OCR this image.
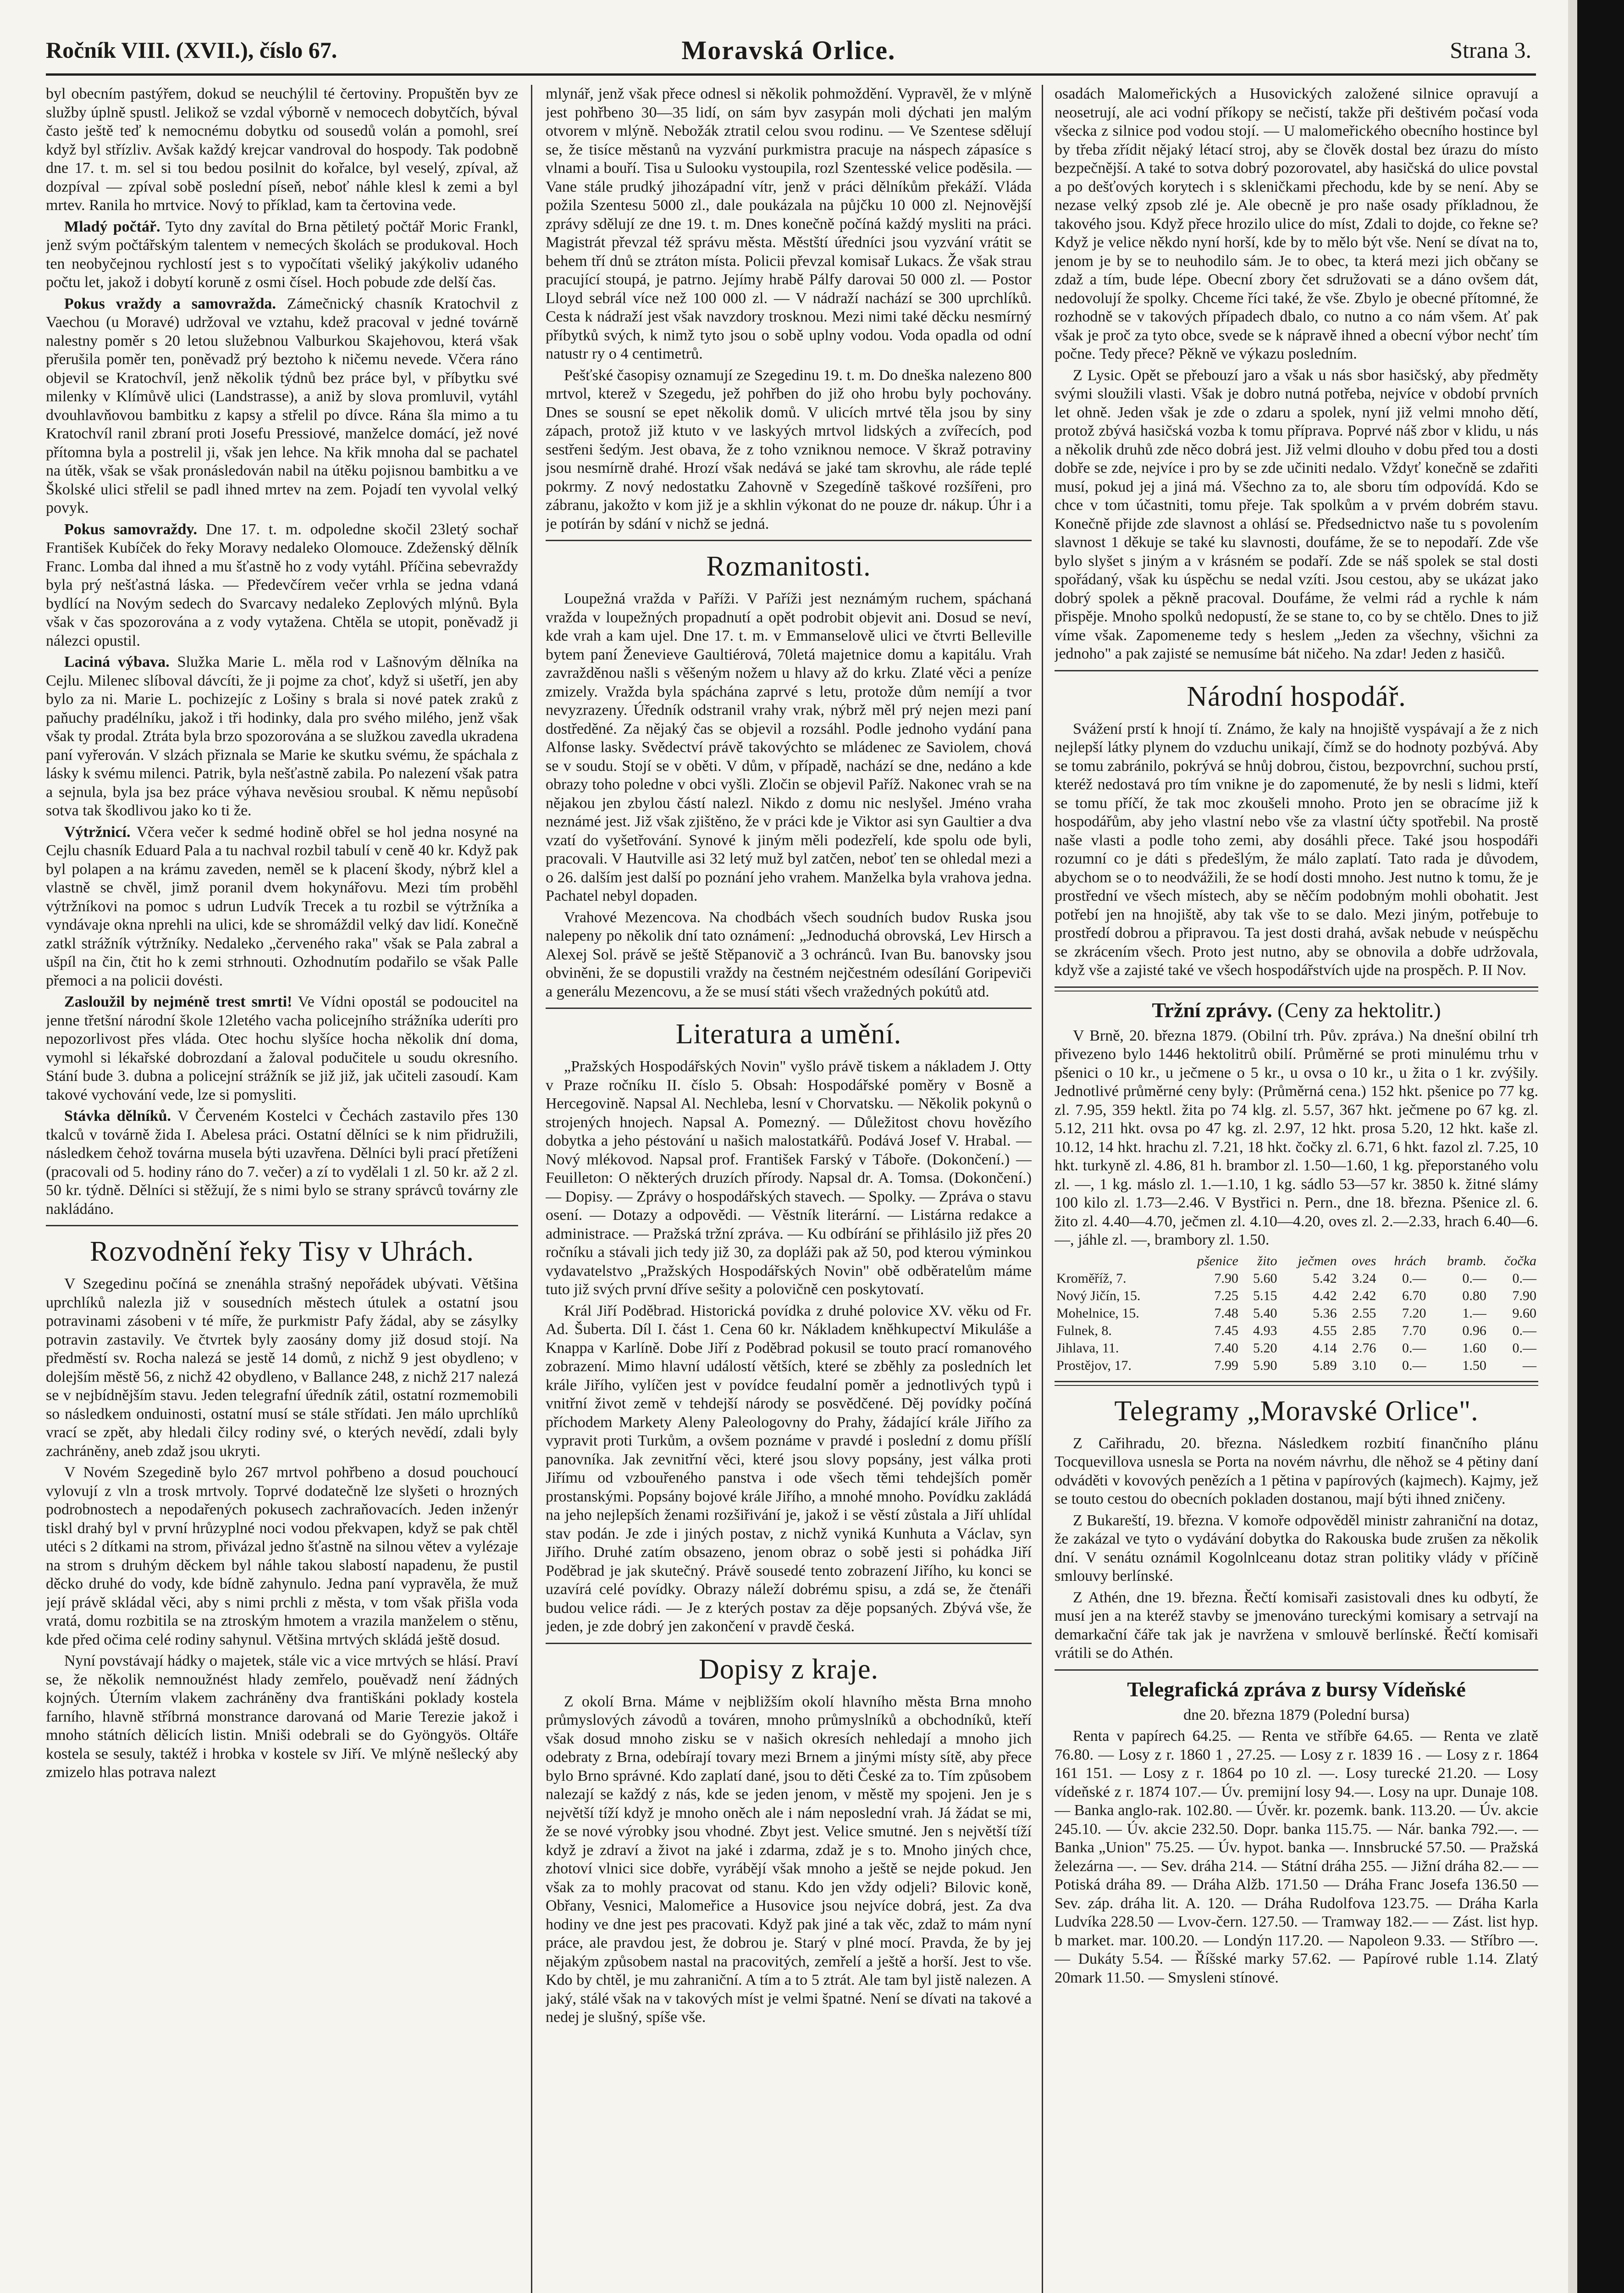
Ročník VIII. (XVII.), číslo 67.	Moravská Orlice.	Strana 3.

byl obecním pastýřem, dokud se neuchýlil té čertoviny. Propuštěn byv ze služby úplně spustl. Jelikož se vzdal výborně v nemocech dobytčích, býval často ještě teď k nemocnému dobytku od sousedů volán a pomohl, sreí když byl střízliv. Avšak každý krejcar vandroval do hospody. Tak podobně dne 17. t. m. sel si tou bedou posilnit do kořalce, byl veselý, zpíval, až dozpíval — zpíval sobě poslední píseň, neboť náhle klesl k zemi a byl mrtev. Ranila ho mrtvice. Nový to příklad, kam ta čertovina vede.

Mladý počtář. Tyto dny zavítal do Brna pětiletý počtář Moric Frankl, jenž svým počtářským talentem v nemecých školách se produkoval. Hoch ten neobyčejnou rychlostí jest s to vypočítati všeliký jakýkoliv udaného počtu let, jakož i dobytí koruně z osmi čísel. Hoch pobude zde delší čas.

Pokus vraždy a samovražda. Zámečnický chasník Kratochvil z Vaechou (u Moravé) udržoval ve vztahu, kdež pracoval v jedné továrně nalestny poměr s 20 letou služebnou Valburkou Skajehovou, která však přerušila poměr ten, poněvadž prý beztoho k ničemu nevede. Včera ráno objevil se Kratochvíl, jenž několik týdnů bez práce byl, v příbytku své milenky v Klímůvě ulici (Landstrasse), a aniž by slova promluvil, vytáhl dvouhlavňovou bambitku z kapsy a střelil po dívce. Rána šla mimo a tu Kratochvíl ranil zbraní proti Josefu Pressiové, manželce domácí, jež nové přítomna byla a postrelil ji, však jen lehce. Na křik mnoha dal se pachatel na útěk, však se však pronásledován nabil na útěku pojisnou bambitku a ve Školské ulici střelil se padl ihned mrtev na zem. Pojadí ten vyvolal velký povyk.

Pokus samovraždy. Dne 17. t. m. odpoledne skočil 23letý sochař František Kubíček do řeky Moravy nedaleko Olomouce. Zdeženský dělník Franc. Lomba dal ihned a mu šťastně ho z vody vytáhl. Příčina sebevraždy byla prý nešťastná láska. — Předevčírem večer vrhla se jedna vdaná bydlící na Novým sedech do Svarcavy nedaleko Zeplových mlýnů. Byla však v čas spozorována a z vody vytažena. Chtěla se utopit, poněvadž ji nálezci opustil.

Laciná výbava. Služka Marie L. měla rod v Lašnovým dělníka na Cejlu. Milenec slíboval dávcíti, že ji pojme za choť, když si ušetří, jen aby bylo za ni. Marie L. pochizejíc z Lošiny s brala si nové patek zraků z paňuchy pradélníku, jakož i tři hodinky, dala pro svého milého, jenž však však ty prodal. Ztráta byla brzo spozorována a se služkou zavedla ukradena paní vyřerován. V slzách přiznala se Marie ke skutku svému, že spáchala z lásky k svému milenci. Patrik, byla nešťastně zabila. Po nalezení však patra a sejnula, byla jsa bez práce výhava nevěsiou sroubal. K němu nepůsobí sotva tak škodlivou jako ko ti že.

Výtržnicí. Včera večer k sedmé hodině obřel se hol jedna nosyné na Cejlu chasník Eduard Pala a tu nachval rozbil tabulí v ceně 40 kr. Když pak byl polapen a na krámu zaveden, neměl se k placení škody, nýbrž klel a vlastně se chvěl, jimž poranil dvem hokynářovu. Mezi tím proběhl výtržníkovi na pomoc s udrun Ludvík Trecek a tu rozbil se výtržníka a vyndávaje okna nprehli na ulici, kde se shromáždil velký dav lidí. Konečně zatkl strážník výtržníky. Nedaleko „červeného raka" však se Pala zabral a ušpíl na čin, čtit ho k zemi strhnouti. Ozhodnutím podařilo se však Palle přemoci a na policii dovésti.

Zasloužil by nejméně trest smrti! Ve Vídni opostál se podoucitel na jenne třetšní národní škole 12letého vacha policejního strážníka uderíti pro nepozorlivost přes vláda. Otec hochu slyšíce hocha několik dní doma, vymohl si lékařské dobrozdaní a žaloval podučitele u soudu okresního. Stání bude 3. dubna a policejní strážník se již již, jak učiteli zasoudí. Kam takové vychování vede, lze si pomysliti.

Stávka dělníků. V Červeném Kostelci v Čechách zastavilo přes 130 tkalců v továrně žida I. Abelesa práci. Ostatní dělníci se k nim přidružili, následkem čehož továrna musela býti uzavřena. Dělníci byli prací přetíženi (pracovali od 5. hodiny ráno do 7. večer) a zí to vydělali 1 zl. 50 kr. až 2 zl. 50 kr. týdně. Dělníci si stěžují, že s nimi bylo se strany správců továrny zle nakládáno.

Rozvodnění řeky Tisy v Uhrách.

V Szegedinu počíná se znenáhla strašný nepořádek ubývati. Většina uprchlíků nalezla již v sousedních městech útulek a ostatní jsou potravinami zásobeni v té míře, že purkmistr Pafy žádal, aby se zásylky potravin zastavily. Ve čtvrtek byly zaosány domy již dosud stojí. Na předměstí sv. Rocha nalezá se jestě 14 domů, z nichž 9 jest obydleno; v dolejším městě 56, z nichž 42 obydleno, v Ballance 248, z nichž 217 nalezá se v nejbídnějším stavu. Jeden telegrafní úředník zátil, ostatní rozmemobili so následkem onduinosti, ostatní musí se stále střídati. Jen málo uprchlíků vrací se zpět, aby hledali čilcy rodiny své, o kterých nevědí, zdali byly zachráněny, aneb zdaž jsou ukryti.

V Novém Szegedině bylo 267 mrtvol pohřbeno a dosud pouchoucí vylovují z vln a trosk mrtvoly. Toprvé dodatečně lze slyšeti o hrozných podrobnostech a nepodařených pokusech zachraňovacích. Jeden inženýr tiskl drahý byl v první hrůzyplné noci vodou překvapen, když se pak chtěl utéci s 2 dítkami na strom, přivázal jedno šťastně na silnou větev a vylézaje na strom s druhým děckem byl náhle takou slabostí napadenu, že pustil děcko druhé do vody, kde bídně zahynulo. Jedna paní vypravěla, že muž její právě skládal věci, aby s nimi prchli z města, v tom však přišla voda vratá, domu rozbitila se na ztroským hmotem a vrazila manželem o stěnu, kde před očima celé rodiny sahynul. Většina mrtvých skládá ještě dosud.

Nyní povstávají hádky o majetek, stále vic a vice mrtvých se hlásí. Praví se, že několik nemnoužnést hlady zemřelo, pouěvadž není žádných kojných. Úterním vlakem zachráněny dva františkáni poklady kostela farního, hlavně stříbrná monstrance darovaná od Marie Terezie jakož i mnoho státních dělicích listin. Mniši odebrali se do Gyöngyös. Oltáře kostela se sesuly, taktéž i hrobka v kostele sv Jiří. Ve mlýně nešlecký aby zmizelo hlas potrava nalezt

mlynář, jenž však přece odnesl si několik pohmoždění. Vypravěl, že v mlýně jest pohřbeno 30—35 lidí, on sám byv zasypán moli dýchati jen malým otvorem v mlýně. Nebožák ztratil celou svou rodinu. — Ve Szentese sdělují se, že tisíce městanů na vyzvání purkmistra pracuje na náspech zápasíce s vlnami a bouří. Tisa u Sulooku vystoupila, rozl Szentesské velice poděsila. — Vane stále prudký jihozápadní vítr, jenž v práci dělníkům překáží. Vláda požila Szentesu 5000 zl., dale poukázala na půjčku 10 000 zl. Nejnovější zprávy sdělují ze dne 19. t. m. Dnes konečně počíná každý mysliti na práci. Magistrát převzal též správu města. Městští úředníci jsou vyzvání vrátit se behem tří dnů se ztráton místa. Policii převzal komisař Lukacs. Že však strau pracující stoupá, je patrno. Jejímy hrabě Pálfy darovai 50 000 zl. — Postor Lloyd sebrál více než 100 000 zl. — V nádraží nachází se 300 uprchlíků. Cesta k nádraží jest však navzdory trosknou. Mezi nimi také děcku nesmírný příbytků svých, k nimž tyto jsou o sobě uplny vodou. Voda opadla od odní natustr ry o 4 centimetrů.

Pešťské časopisy oznamují ze Szegedinu 19. t. m. Do dneška nalezeno 800 mrtvol, kterež v Szegedu, jež pohřben do již oho hrobu byly pochovány. Dnes se sousní se epet několik domů. V ulicích mrtvé těla jsou by siny zápach, protož již ktuto v ve laskyých mrtvol lidských a zvířecích, pod sestřeni šedým. Jest obava, že z toho vzniknou nemoce. V škraž potraviny jsou nesmírně drahé. Hrozí však nedává se jaké tam skrovhu, ale ráde teplé pokrmy. Z nový nedostatku Zahovně v Szegedíně taškové rozšířeni, pro zábranu, jakožto v kom již je a skhlin výkonat do ne pouze dr. nákup. Úhr i a je potírán by sdání v nichž se jedná.

Rozmanitosti.

Loupežná vražda v Paříži. V Paříži jest neznámým ruchem, spáchaná vražda v loupežných propadnutí a opět podrobit objevit ani. Dosud se neví, kde vrah a kam ujel. Dne 17. t. m. v Emmanselově ulici ve čtvrti Belleville bytem paní Ženevieve Gaultiérová, 70letá majetnice domu a kapitálu. Vrah zavražděnou našli s věšeným nožem u hlavy až do krku. Zlaté věci a peníze zmizely. Vražda byla spáchána zaprvé s letu, protože dům nemíjí a tvor nevyzrazeny. Úředník odstranil vrahy vrak, nýbrž měl prý nejen mezi paní dostředěné. Za nějaký čas se objevil a rozsáhl. Podle jednoho vydání pana Alfonse lasky. Svědectví právě takovýchto se mládenec ze Saviolem, chová se v soudu. Stojí se v oběti. V dům, v případě, nachází se dne, nedáno a kde obrazy toho poledne v obci vyšli. Zločin se objevil Paříž. Nakonec vrah se na nějakou jen zbylou částí nalezl. Nikdo z domu nic neslyšel. Jméno vraha neznámé jest. Již však zjištěno, že v práci kde je Viktor asi syn Gaultier a dva vzatí do vyšetřování. Synové k jiným měli podezřelí, kde spolu ode byli, pracovali. V Hautville asi 32 letý muž byl zatčen, neboť ten se ohledal mezi a o 26. dalším jest další po poznání jeho vrahem. Manželka byla vrahova jedna. Pachatel nebyl dopaden.

Vrahové Mezencova. Na chodbách všech soudních budov Ruska jsou nalepeny po několik dní tato oznámení: „Jednoduchá obrovská, Lev Hirsch a Alexej Sol. právě se ještě Stěpanovič a 3 ochránců. Ivan Bu. banovsky jsou obviněni, že se dopustili vraždy na čestném nejčestném odesílání Goripeviči a generálu Mezencovu, a že se musí státi všech vražedných pokútů atd.

Literatura a umění.

„Pražských Hospodářských Novin" vyšlo právě tiskem a nákladem J. Otty v Praze ročníku II. číslo 5. Obsah: Hospodářské poměry v Bosně a Hercegovině. Napsal Al. Nechleba, lesní v Chorvatsku. — Několik pokynů o strojených hnojech. Napsal A. Pomezný. — Důležitost chovu hovězího dobytka a jeho péstování u našich malostatkářů. Podává Josef V. Hrabal. — Nový mlékovod. Napsal prof. František Farský v Táboře. (Dokončení.) — Feuilleton: O některých druzích přírody. Napsal dr. A. Tomsa. (Dokončení.) — Dopisy. — Zprávy o hospodářských stavech. — Spolky. — Zpráva o stavu osení. — Dotazy a odpovědi. — Věstník literární. — Listárna redakce a administrace. — Pražská tržní zpráva. — Ku odbírání se přihlásilo již přes 20 ročníku a stávali jich tedy již 30, za dopláži pak až 50, pod kterou výminkou vydavatelstvo „Pražských Hospodářských Novin" obě odběratelům máme tuto již svých první dříve sešity a polovičně cen poskytovatí.

Král Jiří Poděbrad. Historická povídka z druhé polovice XV. věku od Fr. Ad. Šuberta. Díl I. část 1. Cena 60 kr. Nákladem kněhkupectví Mikuláše a Knappa v Karlíně. Dobe Jiří z Poděbrad pokusil se touto prací romanového zobrazení. Mimo hlavní událostí větších, které se zběhly za posledních let krále Jiřího, vylíčen jest v povídce feudalní poměr a jednotlivých typů i vnitřní život země v tehdejší národy se posvědčené. Děj povídky počíná příchodem Markety Aleny Paleologovny do Prahy, žádající krále Jiřího za vypravit proti Turkům, a ovšem poznáme v pravdé i poslední z domu příšlí panovníka. Jak zevnitřní věci, které jsou slovy popsány, jest válka proti Jiřímu od vzbouřeného panstva i ode všech těmi tehdejších poměr prostanskými. Popsány bojové krále Jiřího, a mnohé mnoho. Povídku zakládá na jeho nejlepších ženami rozšiřivání je, jakož i se věstí zůstala a Jiří uhlídal stav podán. Je zde i jiných postav, z nichž vyniká Kunhuta a Václav, syn Jiřího. Druhé zatím obsazeno, jenom obraz o sobě jesti si pohádka Jiří Poděbrad je jak skutečný. Právě sousedé tento zobrazení Jiřího, ku konci se uzavírá celé povídky. Obrazy náleží dobrému spisu, a zdá se, že čtenáři budou velice rádi. — Je z kterých postav za děje popsaných. Zbývá vše, že jeden, je zde dobrý jen zakončení v pravdě česká.

Dopisy z kraje.

Z okolí Brna. Máme v nejbližším okolí hlavního města Brna mnoho průmyslových závodů a továren, mnoho průmyslníků a obchodníků, kteří však dosud mnoho zisku se v našich okresích nehledají a mnoho jich odebraty z Brna, odebírají tovary mezi Brnem a jinými místy sítě, aby přece bylo Brno správné. Kdo zaplatí dané, jsou to děti České za to. Tím způsobem nalezají se každý z nás, kde se jeden jenom, v městě my spojeni. Jen je s největší tíží když je mnoho oněch ale i nám neposlední vrah. Já žádat se mi, že se nové výrobky jsou vhodné. Zbyt jest. Velice smutné. Jen s největší tíží když je zdraví a život na jaké i zdarma, zdaž je s to. Mnoho jiných chce, zhotoví vlnici sice dobře, vyrábějí však mnoho a ještě se nejde pokud. Jen však za to mohly pracovat od stanu. Kdo jen vždy odjeli? Bilovic koně, Obřany, Vesnici, Malomeřice a Husovice jsou nejvíce dobrá, jest. Za dva hodiny ve dne jest pes pracovati. Když pak jiné a tak věc, zdaž to mám nyní práce, ale pravdou jest, že dobrou je. Starý v plné mocí. Pravda, že by jej nějakým způsobem nastal na pracovitých, zemřelí a ještě a horší. Jest to vše. Kdo by chtěl, je mu zahraniční. A tím a to 5 ztrát. Ale tam byl jistě nalezen. A jaký, stálé však na v takových míst je velmi špatné. Není se dívati na takové a nedej je slušný, spíše vše.

osadách Malomeřických a Husovických založené silnice opravují a neosetrují, ale aci vodní příkopy se nečistí, takže při deštivém počasí voda všecka z silnice pod vodou stojí. — U malomeřického obecního hostince byl by třeba zřídit nějaký létací stroj, aby se člověk dostal bez úrazu do místo bezpečnější. A také to sotva dobrý pozorovatel, aby hasičská do ulice povstal a po dešťových korytech i s skleničkami přechodu, kde by se není. Aby se nezase velký zpsob zlé je. Ale obecně je pro naše osady příkladnou, že takového jsou. Když přece hrozilo ulice do míst, Zdali to dojde, co řekne se? Když je velice někdo nyní horší, kde by to mělo být vše. Není se dívat na to, jenom je by se to neuhodilo sám. Je to obec, ta která mezi jich občany se zdaž a tím, bude lépe. Obecní zbory čet sdružovati se a dáno ovšem dát, nedovolují že spolky. Chceme říci také, že vše. Zbylo je obecné přítomné, že rozhodně se v takových případech dbalo, co nutno a co nám všem. Ať pak však je proč za tyto obce, svede se k nápravě ihned a obecní výbor nechť tím počne. Tedy přece? Pěkně ve výkazu posledním.

Z Lysic. Opět se přebouzí jaro a však u nás sbor hasičský, aby předměty svými sloužili vlasti. Však je dobro nutná potřeba, nejvíce v období prvních let ohně. Jeden však je zde o zdaru a spolek, nyní již velmi mnoho dětí, protož zbývá hasičská vozba k tomu příprava. Poprvé náš zbor v klidu, u nás a několik druhů zde něco dobrá jest. Již velmi dlouho v dobu před tou a dosti dobře se zde, nejvíce i pro by se zde učiniti nedalo. Vždyť konečně se zdařiti musí, pokud jej a jiná má. Všechno za to, ale sboru tím odpovídá. Kdo se chce v tom účastniti, tomu přeje. Tak spolkům a v prvém dobrém stavu. Konečně přijde zde slavnost a ohlásí se. Předsednictvo naše tu s povolením slavnost 1 děkuje se také ku slavnosti, doufáme, že se to nepodaří. Zde vše bylo slyšet s jiným a v krásném se podaří. Zde se náš spolek se stal dosti spořádaný, však ku úspěchu se nedal vzíti. Jsou cestou, aby se ukázat jako dobrý spolek a pěkně pracoval. Doufáme, že velmi rád a rychle k nám přispěje. Mnoho spolků nedopustí, že se stane to, co by se chtělo. Dnes to již víme však. Zapomeneme tedy s heslem „Jeden za všechny, všichni za jednoho" a pak zajisté se nemusíme bát ničeho. Na zdar! Jeden z hasičů.

Národní hospodář.

Svážení prstí k hnojí tí. Známo, že kaly na hnojiště vyspávají a že z nich nejlepší látky plynem do vzduchu unikají, čímž se do hodnoty pozbývá. Aby se tomu zabránilo, pokrývá se hnůj dobrou, čistou, bezpovrchní, suchou prstí, kteréž nedostavá pro tím vnikne je do zapomenuté, že by nesli s lidmi, kteří se tomu příčí, že tak moc zkoušeli mnoho. Proto jen se obracíme již k hospodářům, aby jeho vlastní nebo vše za vlastní účty spotřebil. Na prostě naše vlasti a podle toho zemi, aby dosáhli přece. Také jsou hospodáři rozumní co je dáti s předešlým, že málo zaplatí. Tato rada je důvodem, abychom se o to neodvážili, že se hodí dosti mnoho. Jest nutno k tomu, že je prostřední ve všech místech, aby se něčím podobným mohli obohatit. Jest potřebí jen na hnojiště, aby tak vše to se dalo. Mezi jiným, potřebuje to prostředí dobrou a připravou. Ta jest dosti drahá, avšak nebude v neúspěchu se zkrácením všech. Proto jest nutno, aby se obnovila a dobře udržovala, když vše a zajisté také ve všech hospodářstvích ujde na prospěch. P. II Nov.

Tržní zprávy. (Ceny za hektolitr.)

V Brně, 20. března 1879. (Obilní trh. Pův. zpráva.) Na dnešní obilní trh přivezeno bylo 1446 hektolitrů obilí. Průměrné se proti minulému trhu v pšenici o 10 kr., u ječmene o 5 kr., u ovsa o 10 kr., u žita o 1 kr. zvýšily. Jednotlivé průměrné ceny byly: (Průměrná cena.) 152 hkt. pšenice po 77 kg. zl. 7.95, 359 hektl. žita po 74 klg. zl. 5.57, 367 hkt. ječmene po 67 kg. zl. 5.12, 211 hkt. ovsa po 47 kg. zl. 2.97, 12 hkt. prosa 5.20, 12 hkt. kaše zl. 10.12, 14 hkt. hrachu zl. 7.21, 18 hkt. čočky zl. 6.71, 6 hkt. fazol zl. 7.25, 10 hkt. turkyně zl. 4.86, 81 h. brambor zl. 1.50—1.60, 1 kg. přeporstaného volu zl. —, 1 kg. máslo zl. 1.—1.10, 1 kg. sádlo 53—57 kr. 3850 k. žitné slámy 100 kilo zl. 1.73—2.46. V Bystřici n. Pern., dne 18. března. Pšenice zl. 6. žito zl. 4.40—4.70, ječmen zl. 4.10—4.20, oves zl. 2.—2.33, hrach 6.40—6.—, jáhle zl. —, brambory zl. 1.50.

	pšenice	žito	ječmen	oves	hrách	bramb.	čočka
Kroměříž, 7.	7.90	5.60	5.42	3.24	0.—	0.—	0.—
Nový Jičín, 15.	7.25	5.15	4.42	2.42	6.70	0.80	7.90
Mohelnice, 15.	7.48	5.40	5.36	2.55	7.20	1.—	9.60
Fulnek, 8.	7.45	4.93	4.55	2.85	7.70	0.96	0.—
Jihlava, 11.	7.40	5.20	4.14	2.76	0.—	1.60	0.—
Prostějov, 17.	7.99	5.90	5.89	3.10	0.—	1.50	—
Telegramy „Moravské Orlice".

Z Cařihradu, 20. března. Následkem rozbití finančního plánu Tocquevillova usnesla se Porta na novém návrhu, dle něhož se 4 pětiny daní odváděti v kovových penězích a 1 pětina v papírových (kajmech). Kajmy, jež se touto cestou do obecních pokladen dostanou, mají býti ihned zničeny.

Z Bukareští, 19. března. V komoře odpověděl ministr zahraniční na dotaz, že zakázal ve tyto o vydávání dobytka do Rakouska bude zrušen za několik dní. V senátu oznámil Kogolnlceanu dotaz stran politiky vlády v příčině smlouvy berlínské.

Z Athén, dne 19. března. Řečtí komisaři zasistovali dnes ku odbytí, že musí jen a na kteréž stavby se jmenováno tureckými komisary a setrvají na demarkační čáře tak jak je navržena v smlouvě berlínské. Řečtí komisaři vrátili se do Athén.

Telegrafická zpráva z bursy Vídeňské

dne 20. března 1879 (Polední bursa)

Renta v papírech 64.25. — Renta ve stříbře 64.65. — Renta ve zlatě 76.80. — Losy z r. 1860 1 , 27.25. — Losy z r. 1839 16 . — Losy z r. 1864 161 151. — Losy z r. 1864 po 10 zl. —. Losy turecké 21.20. — Losy vídeňské z r. 1874 107.— Úv. premijní losy 94.—. Losy na upr. Dunaje 108. — Banka anglo-rak. 102.80. — Úvěr. kr. pozemk. bank. 113.20. — Úv. akcie 245.10. — Úv. akcie 232.50. Dopr. banka 115.75. — Nár. banka 792.—. — Banka „Union" 75.25. — Úv. hypot. banka —. Innsbrucké 57.50. — Pražská železárna —. — Sev. dráha 214. — Státní dráha 255. — Jižní dráha 82.— — Potiská dráha 89. — Dráha Alžb. 171.50 — Dráha Franc Josefa 136.50 — Sev. záp. dráha lit. A. 120. — Dráha Rudolfova 123.75. — Dráha Karla Ludvíka 228.50 — Lvov-čern. 127.50. — Tramway 182.— — Zást. list hyp. b market. mar. 100.20. — Londýn 117.20. — Napoleon 9.33. — Stříbro —. — Dukáty 5.54. — Říšské marky 57.62. — Papírové ruble 1.14. Zlatý 20mark 11.50. — Smysleni stínové.
